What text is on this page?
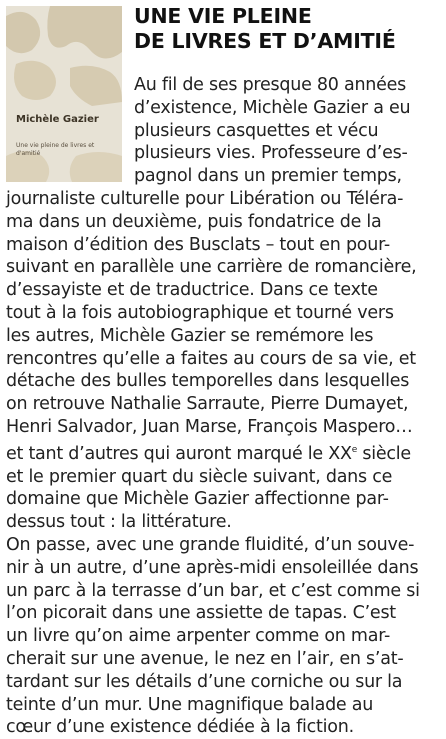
Michèle Gazier
Une vie pleine de livres et d'amitié
UNE VIE PLEINE
DE LIVRES ET D’AMITIÉ
Au fil de ses presque 80 années
d’existence, Michèle Gazier a eu
plusieurs casquettes et vécu
plusieurs vies. Professeure d’es-
pagnol dans un premier temps,
journaliste culturelle pour Libération ou Téléra-
ma dans un deuxième, puis fondatrice de la
maison d’édition des Busclats – tout en pour-
suivant en parallèle une carrière de romancière,
d’essayiste et de traductrice. Dans ce texte
tout à la fois autobiographique et tourné vers
les autres, Michèle Gazier se remémore les
rencontres qu’elle a faites au cours de sa vie, et
détache des bulles temporelles dans lesquelles
on retrouve Nathalie Sarraute, Pierre Dumayet,
Henri Salvador, Juan Marse, François Maspero…
et tant d’autres qui auront marqué le XXe siècle
et le premier quart du siècle suivant, dans ce
domaine que Michèle Gazier affectionne par-
dessus tout : la littérature.
On passe, avec une grande fluidité, d’un souve-
nir à un autre, d’une après-midi ensoleillée dans
un parc à la terrasse d’un bar, et c’est comme si
l’on picorait dans une assiette de tapas. C’est
un livre qu’on aime arpenter comme on mar-
cherait sur une avenue, le nez en l’air, en s’at-
tardant sur les détails d’une corniche ou sur la
teinte d’un mur. Une magnifique balade au
cœur d’une existence dédiée à la fiction.
